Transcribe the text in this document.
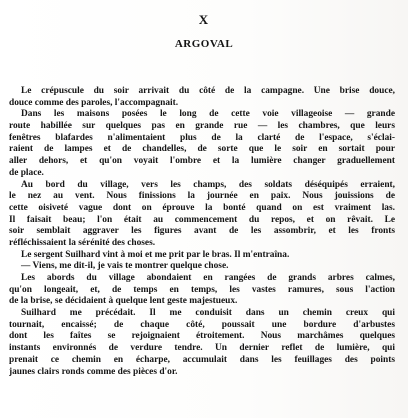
X
ARGOVAL
Le crépuscule du soir arrivait du côté de la campagne. Une brise douce,
douce comme des paroles, l'accompagnait.
Dans les maisons posées le long de cette voie villageoise — grande
route habillée sur quelques pas en grande rue — les chambres, que leurs
fenêtres blafardes n'alimentaient plus de la clarté de l'espace, s'éclai-
raient de lampes et de chandelles, de sorte que le soir en sortait pour
aller dehors, et qu'on voyait l'ombre et la lumière changer graduellement
de place.
Au bord du village, vers les champs, des soldats déséquipés erraient,
le nez au vent. Nous finissions la journée en paix. Nous jouissions de
cette oisiveté vague dont on éprouve la bonté quand on est vraiment las.
Il faisait beau; l'on était au commencement du repos, et on rêvait. Le
soir semblait aggraver les figures avant de les assombrir, et les fronts
réfléchissaient la sérénité des choses.
Le sergent Suilhard vint à moi et me prit par le bras. Il m'entraîna.
— Viens, me dit-il, je vais te montrer quelque chose.
Les abords du village abondaient en rangées de grands arbres calmes,
qu'on longeait, et, de temps en temps, les vastes ramures, sous l'action
de la brise, se décidaient à quelque lent geste majestueux.
Suilhard me précédait. Il me conduisit dans un chemin creux qui
tournait, encaissé; de chaque côté, poussait une bordure d'arbustes
dont les faîtes se rejoignaient étroitement. Nous marchâmes quelques
instants environnés de verdure tendre. Un dernier reflet de lumière, qui
prenait ce chemin en écharpe, accumulait dans les feuillages des points
jaunes clairs ronds comme des pièces d'or.
